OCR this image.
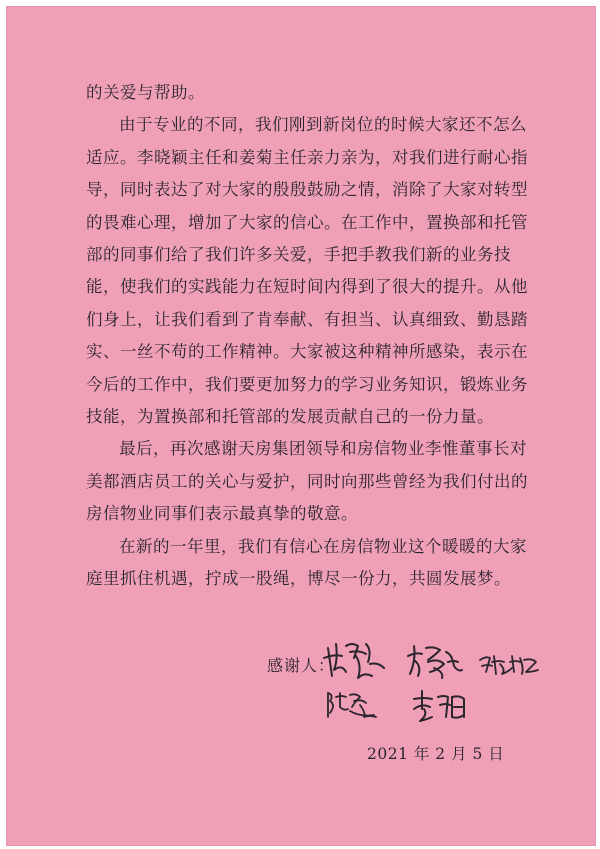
的关爱与帮助。

由于专业的不同，我们刚到新岗位的时候大家还不怎么适应。李晓颖主任和姜菊主任亲力亲为，对我们进行耐心指导，同时表达了对大家的殷殷鼓励之情，消除了大家对转型的畏难心理，增加了大家的信心。在工作中，置换部和托管部的同事们给了我们许多关爱，手把手教我们新的业务技能，使我们的实践能力在短时间内得到了很大的提升。从他们身上，让我们看到了肯奉献、有担当、认真细致、勤恳踏实、一丝不苟的工作精神。大家被这种精神所感染，表示在今后的工作中，我们要更加努力的学习业务知识，锻炼业务技能，为置换部和托管部的发展贡献自己的一份力量。

最后，再次感谢天房集团领导和房信物业李惟董事长对美都酒店员工的关心与爱护，同时向那些曾经为我们付出的房信物业同事们表示最真挚的敬意。

在新的一年里，我们有信心在房信物业这个暖暖的大家庭里抓住机遇，拧成一股绳，博尽一份力，共圆发展梦。

感谢人：
2021 年 2 月 5 日
